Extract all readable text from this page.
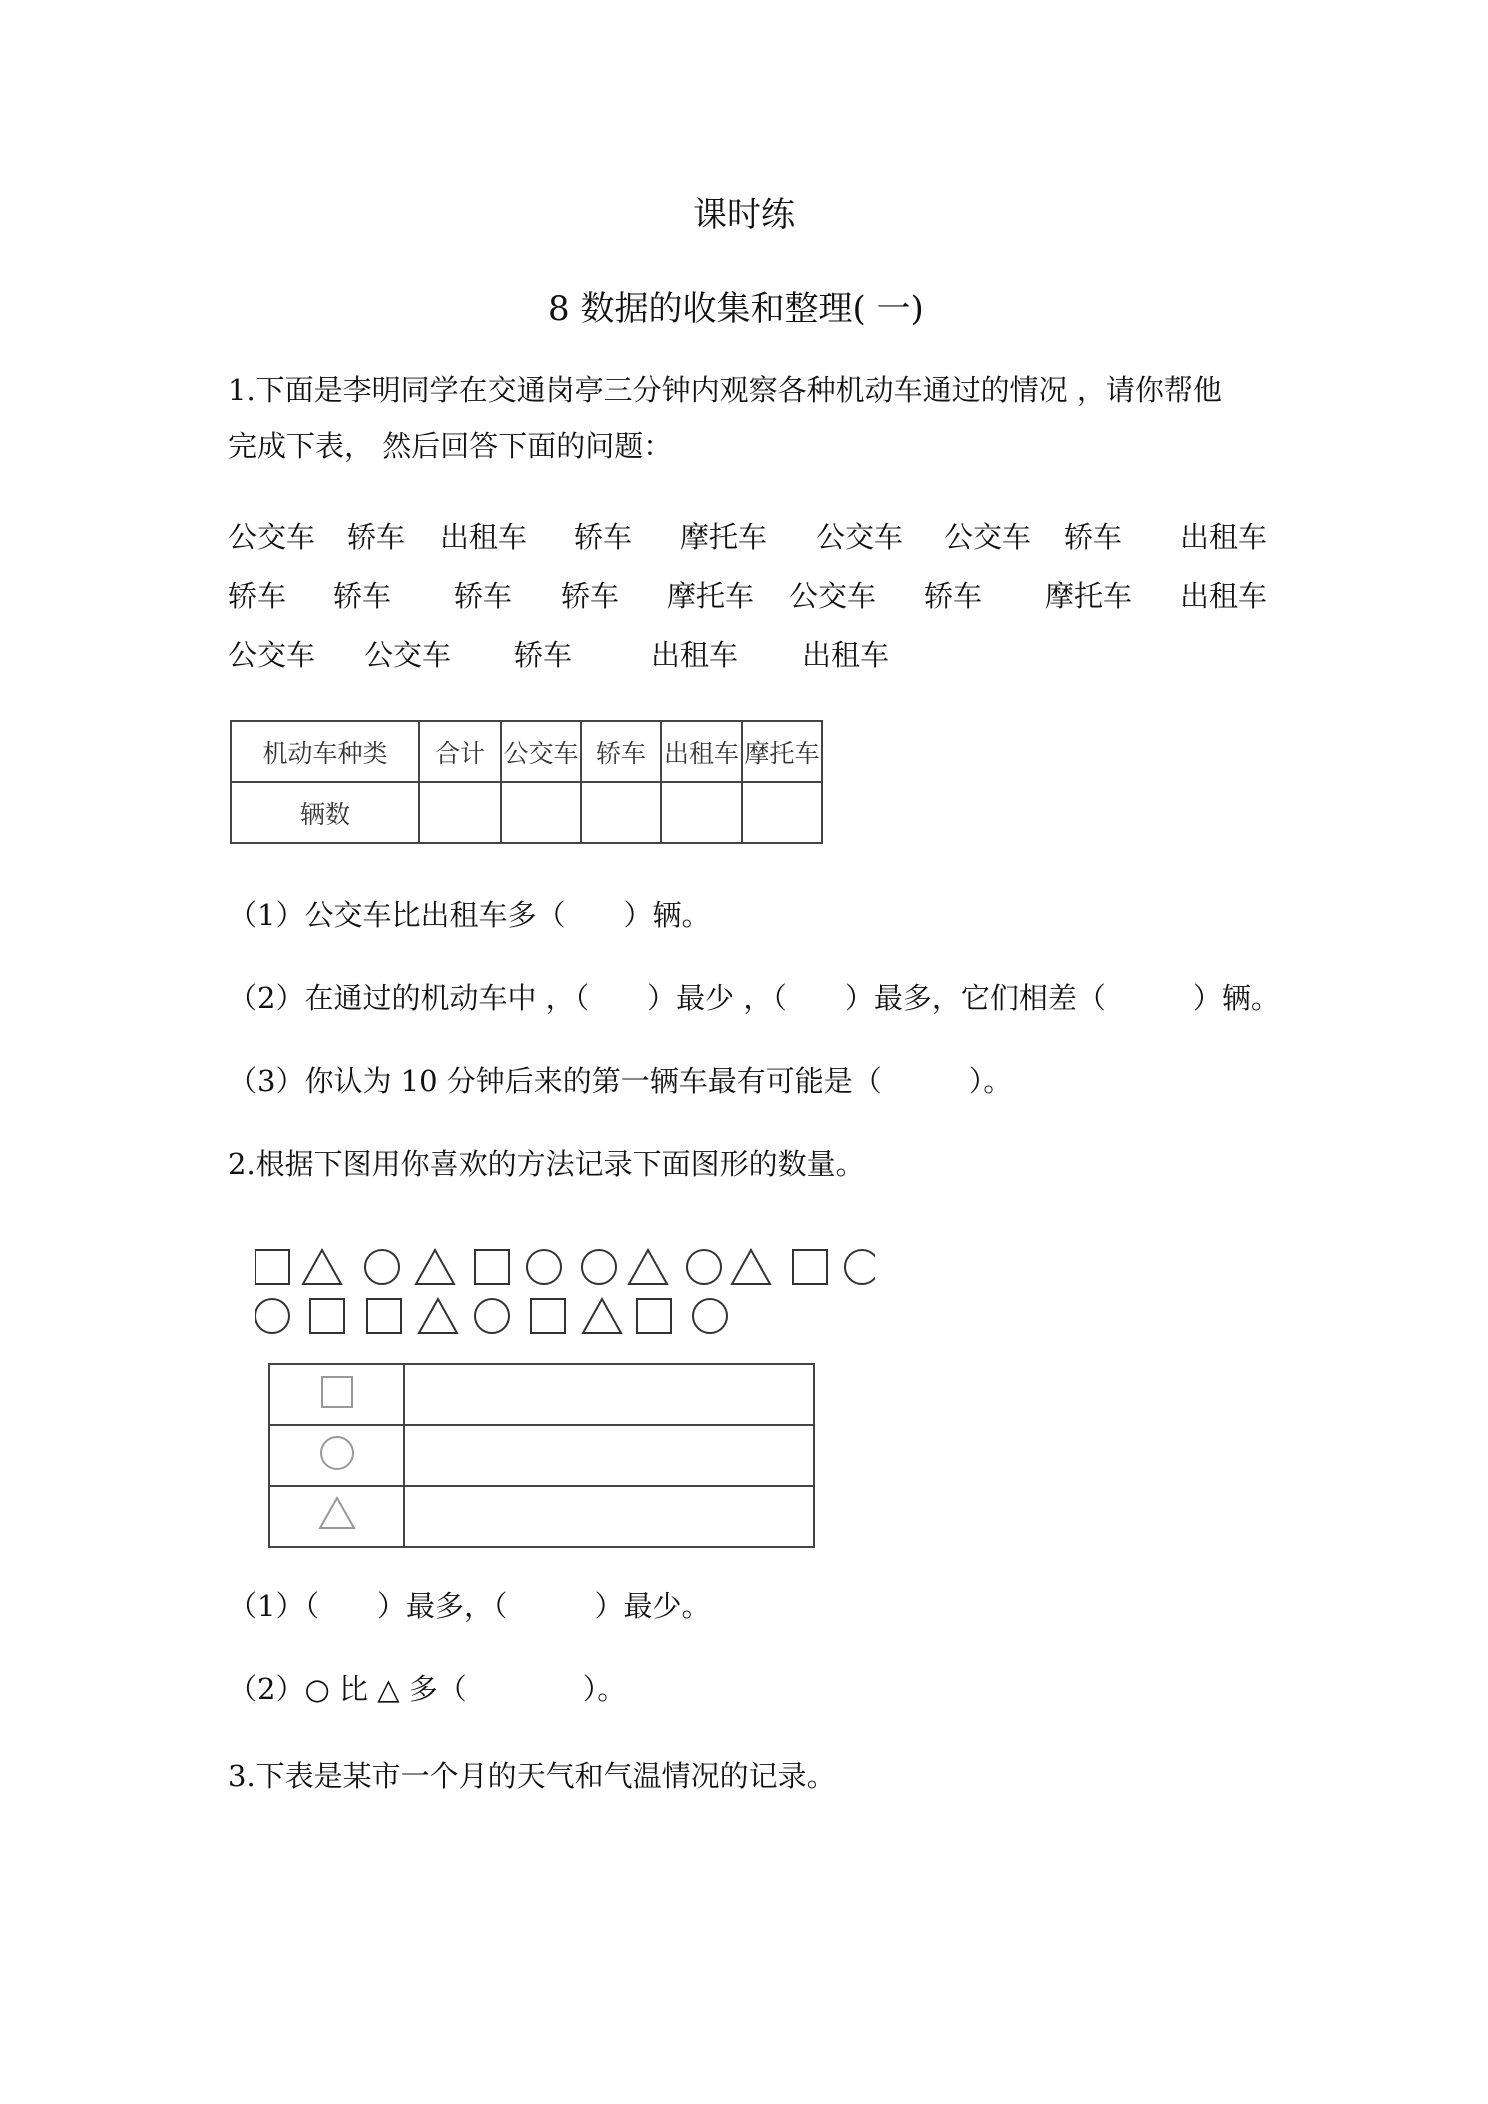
课时练
8 数据的收集和整理( 一)
1.下面是李明同学在交通岗亭三分钟内观察各种机动车通过的情况 ，请你帮他
完成下表， 然后回答下面的问题：
公交车 轿车 出租车 轿车 摩托车 公交车 公交车 轿车 出租车
轿车 轿车 轿车 轿车 摩托车 公交车 轿车 摩托车 出租车
公交车 公交车 轿车	出租车 出租车
机动车种类	合计	公交车	轿车	出租车	摩托车
辆数					
（1）公交车比出租车多（　　）辆。
（2）在通过的机动车中 ，（　　）最少 ，（　　）最多，它们相差（　　　）辆。
（3）你认为 10 分钟后来的第一辆车最有可能是（　　　）。
2.根据下图用你喜欢的方法记录下面图形的数量。

（1）（　　）最多，（　　　）最少。
（2）○ 比 △ 多（　　　　）。
3.下表是某市一个月的天气和气温情况的记录。
